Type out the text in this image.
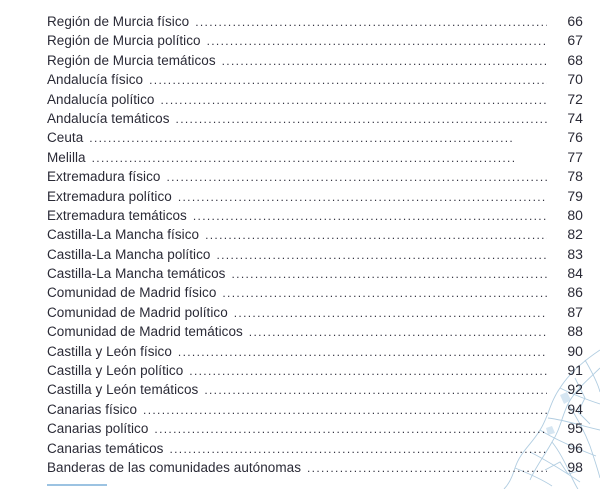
Región de Murcia físico . . .	66
Región de Murcia político . . .	67
Región de Murcia temáticos . . .	68
Andalucía físico . . .	70
Andalucía político . . .	72
Andalucía temáticos . . .	74
Ceuta . . .	76
Melilla . . .	77
Extremadura físico . . .	78
Extremadura político . . .	79
Extremadura temáticos . . .	80
Castilla-La Mancha físico . . .	82
Castilla-La Mancha político . . .	83
Castilla-La Mancha temáticos . . .	84
Comunidad de Madrid físico . . .	86
Comunidad de Madrid político . . .	87
Comunidad de Madrid temáticos . . .	88
Castilla y León físico . . .	90
Castilla y León político . . .	91
Castilla y León temáticos . . .	92
Canarias físico . . .	94
Canarias político . . .	95
Canarias temáticos . . .	96
Banderas de las comunidades autónomas . . .	98
